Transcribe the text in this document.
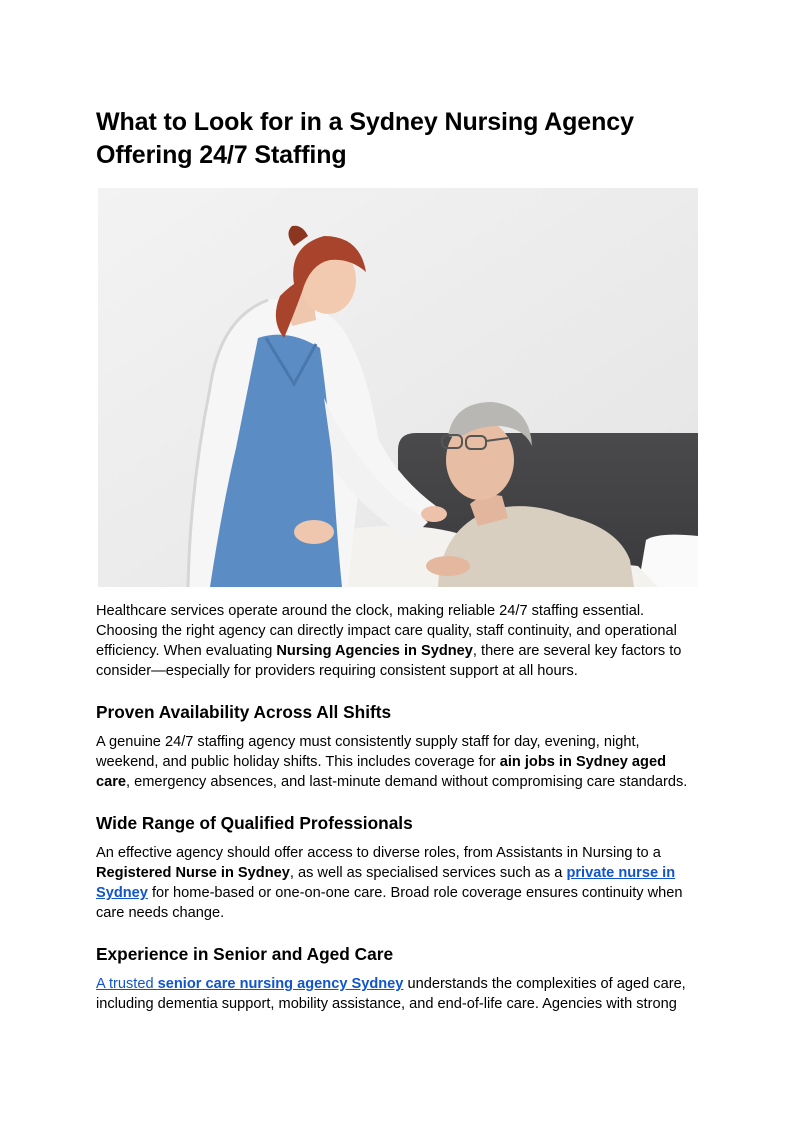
What to Look for in a Sydney Nursing Agency
Offering 24/7 Staffing

Healthcare services operate around the clock, making reliable 24/7 staffing essential. Choosing the right agency can directly impact care quality, staff continuity, and operational efficiency. When evaluating Nursing Agencies in Sydney, there are several key factors to consider—especially for providers requiring consistent support at all hours.

Proven Availability Across All Shifts

A genuine 24/7 staffing agency must consistently supply staff for day, evening, night, weekend, and public holiday shifts. This includes coverage for ain jobs in Sydney aged care, emergency absences, and last-minute demand without compromising care standards.

Wide Range of Qualified Professionals

An effective agency should offer access to diverse roles, from Assistants in Nursing to a Registered Nurse in Sydney, as well as specialised services such as a private nurse in Sydney for home-based or one-on-one care. Broad role coverage ensures continuity when care needs change.

Experience in Senior and Aged Care

A trusted senior care nursing agency Sydney understands the complexities of aged care, including dementia support, mobility assistance, and end-of-life care. Agencies with strong
